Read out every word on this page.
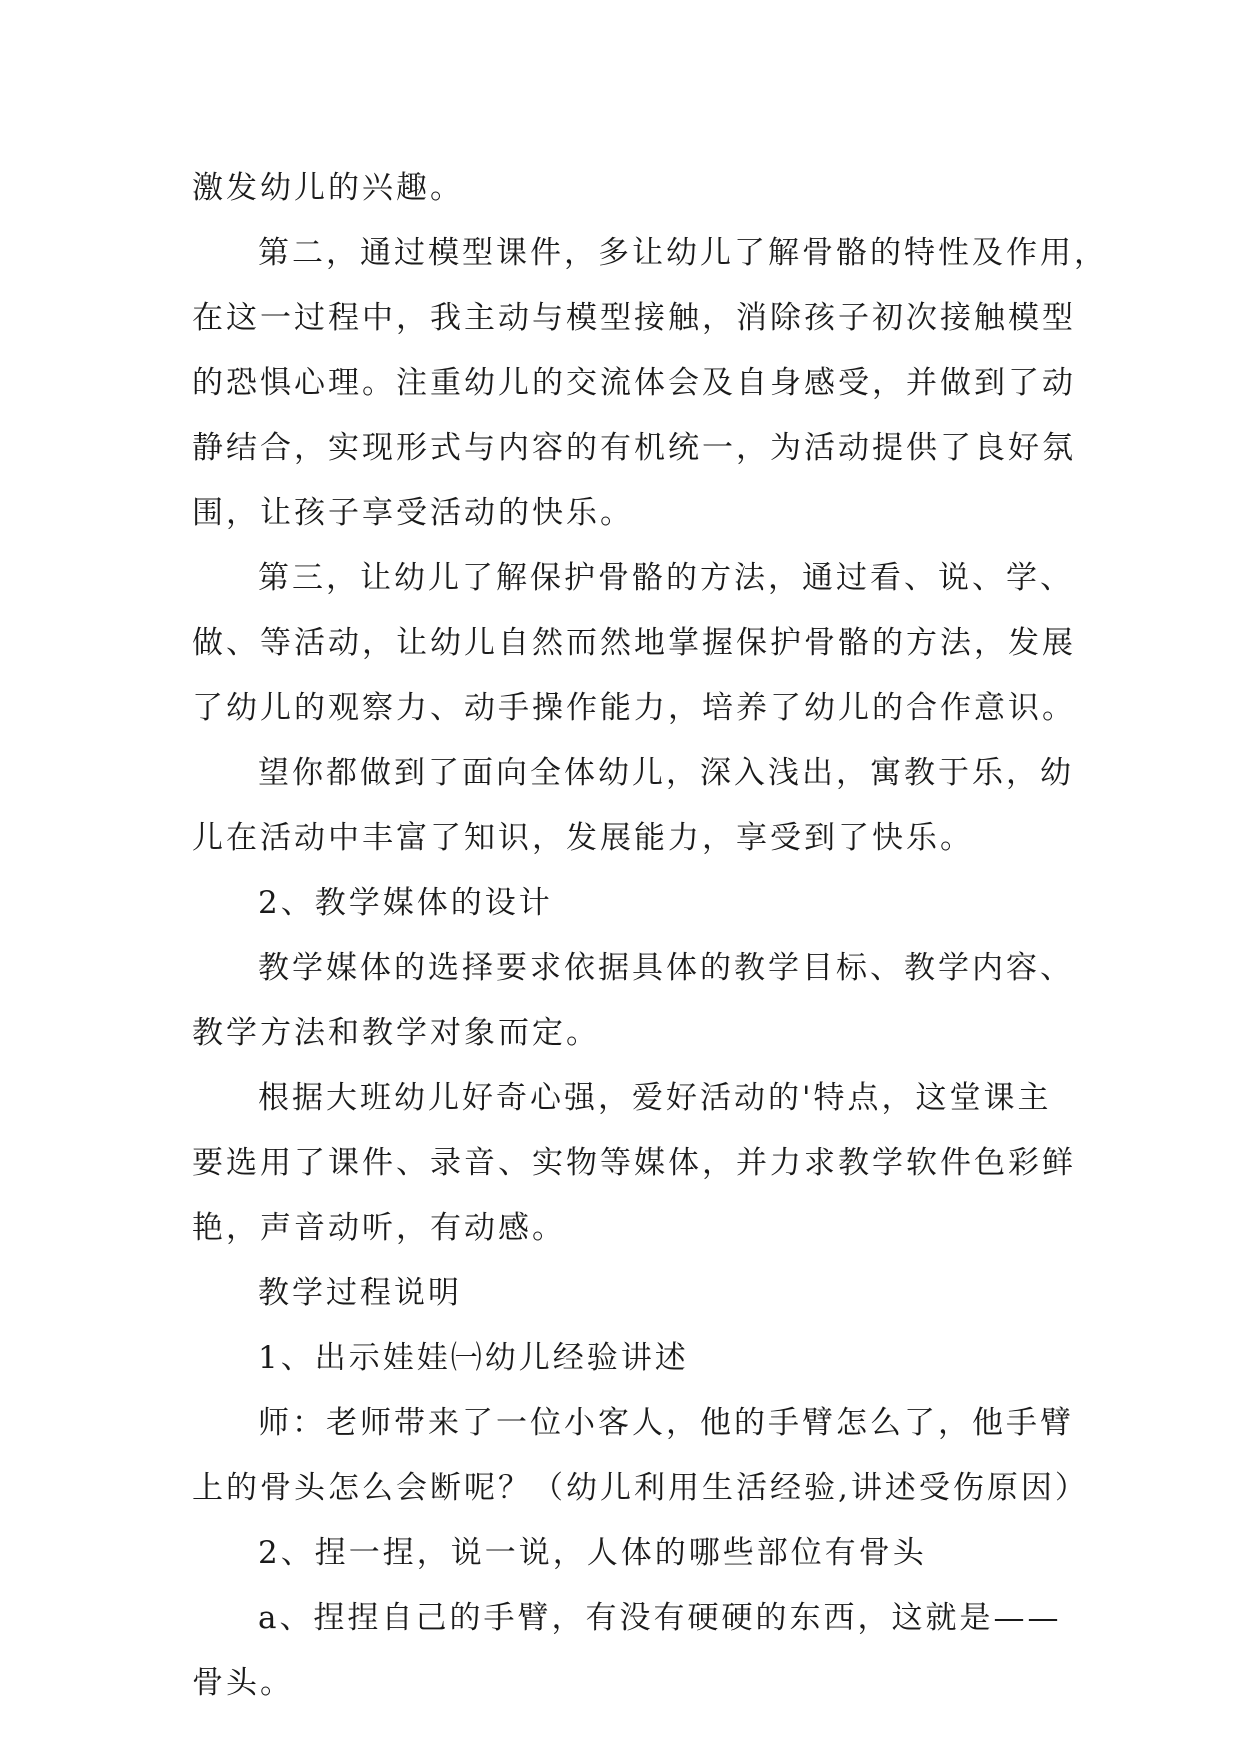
激发幼儿的兴趣。

第二，通过模型课件，多让幼儿了解骨骼的特性及作用，

在这一过程中，我主动与模型接触，消除孩子初次接触模型

的恐惧心理。注重幼儿的交流体会及自身感受，并做到了动

静结合，实现形式与内容的有机统一，为活动提供了良好氛

围，让孩子享受活动的快乐。

第三，让幼儿了解保护骨骼的方法，通过看、说、学、

做、等活动，让幼儿自然而然地掌握保护骨骼的方法，发展

了幼儿的观察力、动手操作能力，培养了幼儿的合作意识。

望你都做到了面向全体幼儿，深入浅出，寓教于乐，幼

儿在活动中丰富了知识，发展能力，享受到了快乐。

2、教学媒体的设计

教学媒体的选择要求依据具体的教学目标、教学内容、

教学方法和教学对象而定。

根据大班幼儿好奇心强，爱好活动的'特点，这堂课主

要选用了课件、录音、实物等媒体，并力求教学软件色彩鲜

艳，声音动听，有动感。

教学过程说明

1、出示娃娃㈠幼儿经验讲述

师：老师带来了一位小客人，他的手臂怎么了，他手臂

上的骨头怎么会断呢？（幼儿利用生活经验,讲述受伤原因）

2、捏一捏，说一说，人体的哪些部位有骨头

a、捏捏自己的手臂，有没有硬硬的东西，这就是——

骨头。
